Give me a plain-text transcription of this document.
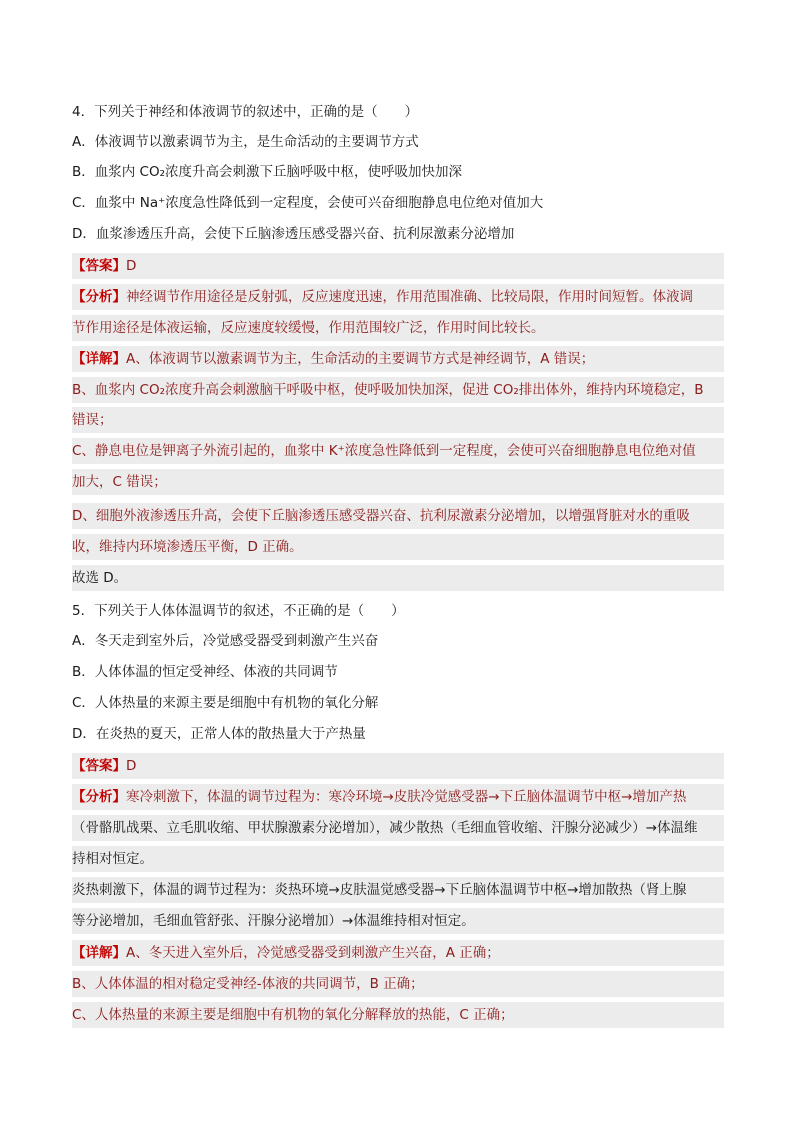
4．下列关于神经和体液调节的叙述中，正确的是（　　）
A．体液调节以激素调节为主，是生命活动的主要调节方式
B．血浆内 CO₂浓度升高会刺激下丘脑呼吸中枢，使呼吸加快加深
C．血浆中 Na⁺浓度急性降低到一定程度，会使可兴奋细胞静息电位绝对值加大
D．血浆渗透压升高，会使下丘脑渗透压感受器兴奋、抗利尿激素分泌增加
【答案】D
【分析】神经调节作用途径是反射弧，反应速度迅速，作用范围准确、比较局限，作用时间短暂。体液调
节作用途径是体液运输，反应速度较缓慢，作用范围较广泛，作用时间比较长。
【详解】A、体液调节以激素调节为主，生命活动的主要调节方式是神经调节，A 错误；
B、血浆内 CO₂浓度升高会刺激脑干呼吸中枢，使呼吸加快加深，促进 CO₂排出体外，维持内环境稳定，B
错误；
C、静息电位是钾离子外流引起的，血浆中 K⁺浓度急性降低到一定程度，会使可兴奋细胞静息电位绝对值
加大，C 错误；
D、细胞外液渗透压升高，会使下丘脑渗透压感受器兴奋、抗利尿激素分泌增加，以增强肾脏对水的重吸
收，维持内环境渗透压平衡，D 正确。
故选 D。
5．下列关于人体体温调节的叙述，不正确的是（　　）
A．冬天走到室外后，冷觉感受器受到刺激产生兴奋
B．人体体温的恒定受神经、体液的共同调节
C．人体热量的来源主要是细胞中有机物的氧化分解
D．在炎热的夏天，正常人体的散热量大于产热量
【答案】D
【分析】寒冷刺激下，体温的调节过程为：寒冷环境→皮肤冷觉感受器→下丘脑体温调节中枢→增加产热
（骨骼肌战栗、立毛肌收缩、甲状腺激素分泌增加），减少散热（毛细血管收缩、汗腺分泌减少）→体温维
持相对恒定。
炎热刺激下，体温的调节过程为：炎热环境→皮肤温觉感受器→下丘脑体温调节中枢→增加散热（肾上腺
等分泌增加，毛细血管舒张、汗腺分泌增加）→体温维持相对恒定。
【详解】A、冬天进入室外后，冷觉感受器受到刺激产生兴奋，A 正确；
B、人体体温的相对稳定受神经-体液的共同调节，B 正确；
C、人体热量的来源主要是细胞中有机物的氧化分解释放的热能，C 正确；
